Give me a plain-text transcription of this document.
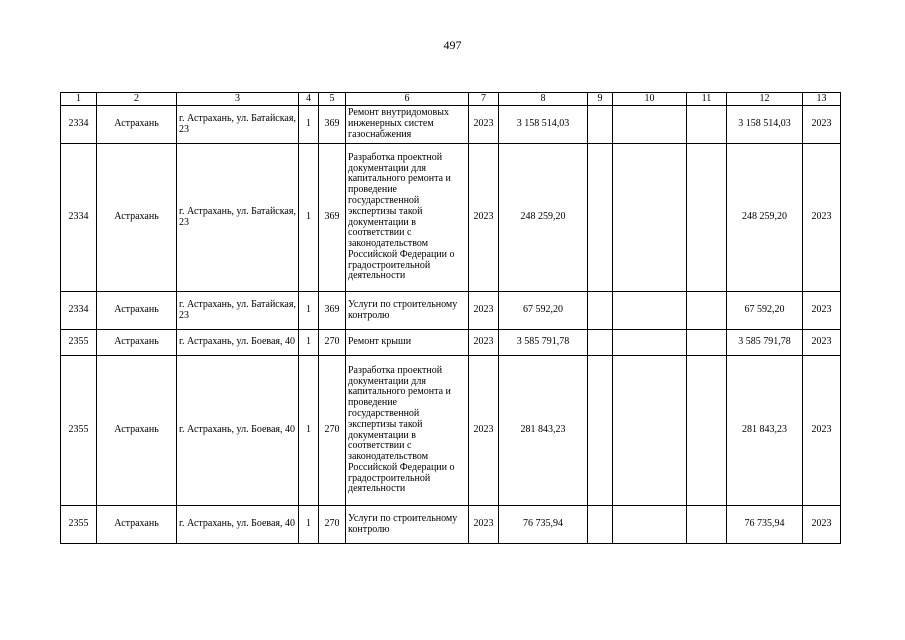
497
1	2	3	4	5	6	7	8	9	10	11	12	13
2334	Астрахань	г. Астрахань, ул. Батайская, 23	1	369	Ремонт внутридомовых инженерных систем газоснабжения	2023	3 158 514,03				3 158 514,03	2023
2334	Астрахань	г. Астрахань, ул. Батайская, 23	1	369	Разработка проектной документации для капитального ремонта и проведение государственной экспертизы такой документации в соответствии с законодательством Российской Федерации о градостроительной деятельности	2023	248 259,20				248 259,20	2023
2334	Астрахань	г. Астрахань, ул. Батайская, 23	1	369	Услуги по строительному контролю	2023	67 592,20				67 592,20	2023
2355	Астрахань	г. Астрахань, ул. Боевая, 40	1	270	Ремонт крыши	2023	3 585 791,78				3 585 791,78	2023
2355	Астрахань	г. Астрахань, ул. Боевая, 40	1	270	Разработка проектной документации для капитального ремонта и проведение государственной экспертизы такой документации в соответствии с законодательством Российской Федерации о градостроительной деятельности	2023	281 843,23				281 843,23	2023
2355	Астрахань	г. Астрахань, ул. Боевая, 40	1	270	Услуги по строительному контролю	2023	76 735,94				76 735,94	2023
